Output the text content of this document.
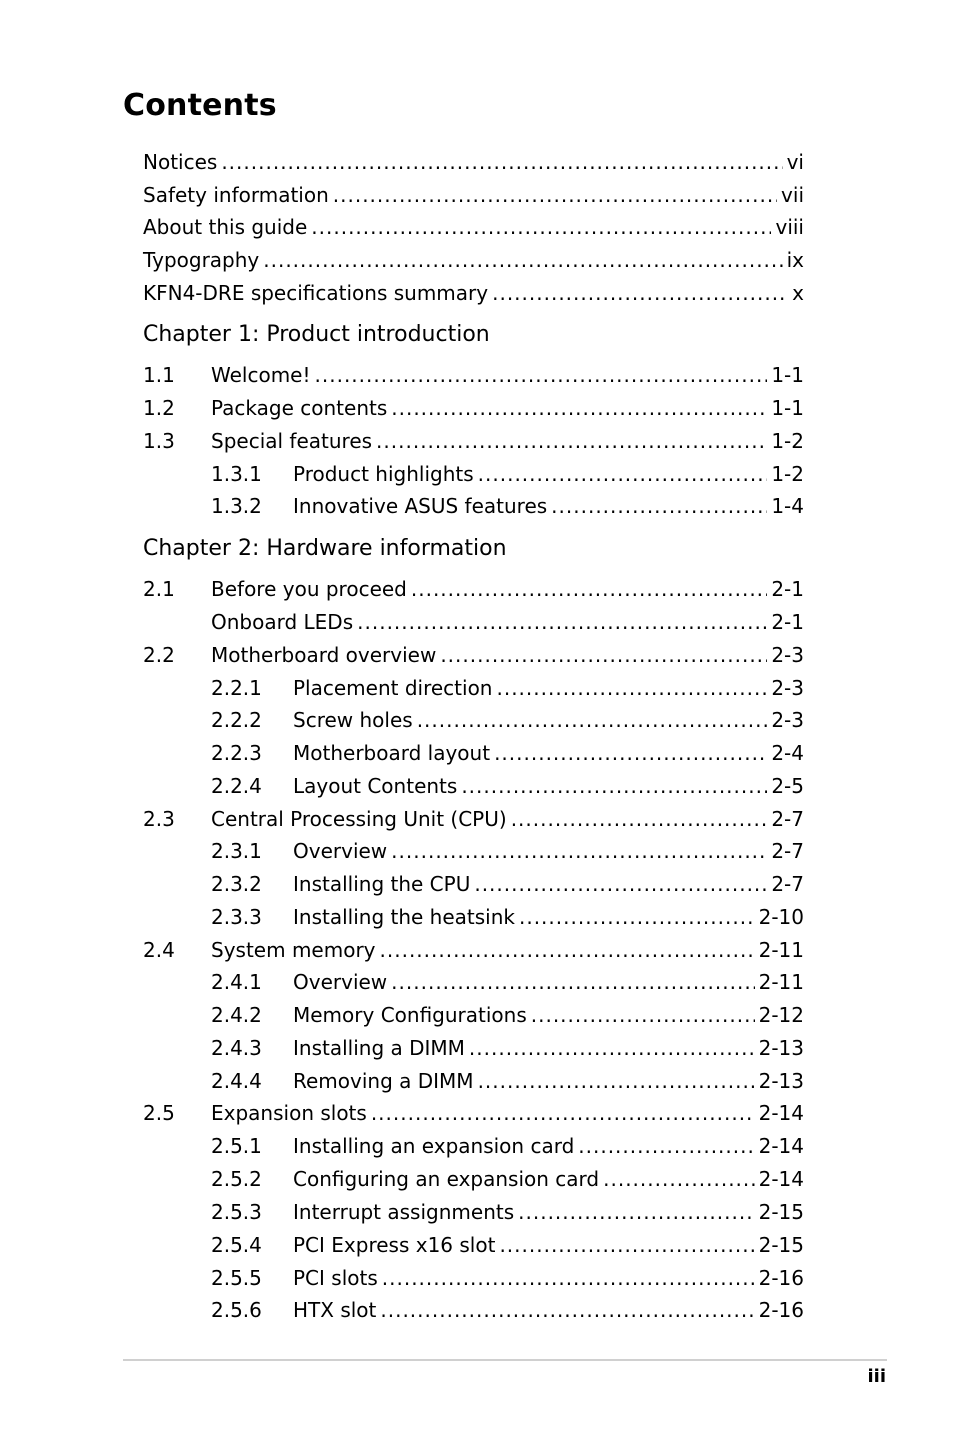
Contents
Notices .....	vi
Safety information .....	vii
About this guide .....	viii
Typography .....	ix
KFN4-DRE specifications summary .....	x
Chapter 1: Product introduction
1.1	Welcome! .....	1-1
1.2	Package contents .....	1-1
1.3	Special features .....	1-2
1.3.1	Product highlights .....	1-2
1.3.2	Innovative ASUS features .....	1-4
Chapter 2: Hardware information
2.1	Before you proceed .....	2-1
Onboard LEDs .....	2-1
2.2	Motherboard overview .....	2-3
2.2.1	Placement direction .....	2-3
2.2.2	Screw holes .....	2-3
2.2.3	Motherboard layout .....	2-4
2.2.4	Layout Contents .....	2-5
2.3	Central Processing Unit (CPU) .....	2-7
2.3.1	Overview .....	2-7
2.3.2	Installing the CPU .....	2-7
2.3.3	Installing the heatsink .....	2-10
2.4	System memory .....	2-11
2.4.1	Overview .....	2-11
2.4.2	Memory Configurations .....	2-12
2.4.3	Installing a DIMM .....	2-13
2.4.4	Removing a DIMM .....	2-13
2.5	Expansion slots .....	2-14
2.5.1	Installing an expansion card .....	2-14
2.5.2	Configuring an expansion card .....	2-14
2.5.3	Interrupt assignments .....	2-15
2.5.4	PCI Express x16 slot .....	2-15
2.5.5	PCI slots .....	2-16
2.5.6	HTX slot .....	2-16
iii
